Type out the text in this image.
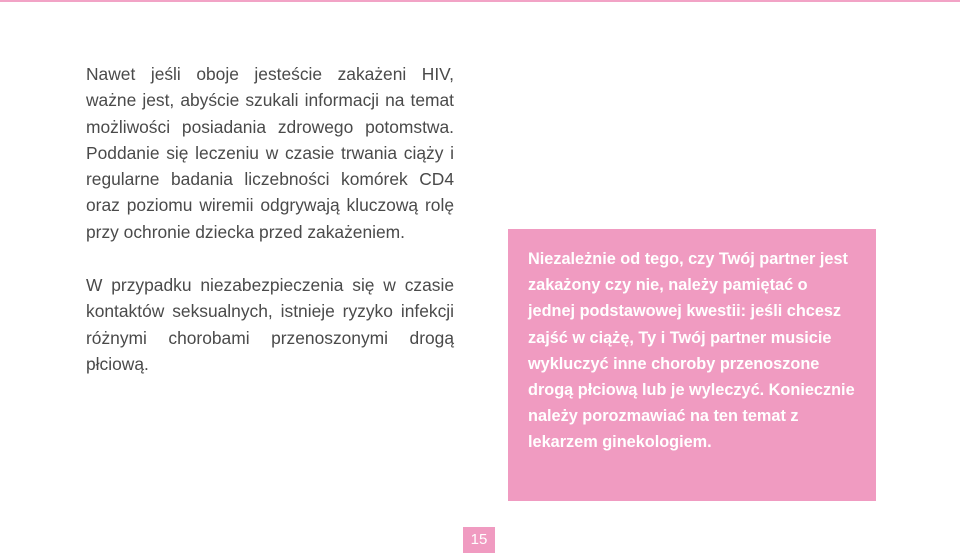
Nawet jeśli oboje jesteście zakażeni HIV, ważne jest, abyście szukali informacji na temat możliwości posiadania zdrowego potomstwa. Poddanie się leczeniu w czasie trwania ciąży i regularne badania liczebności komórek CD4 oraz poziomu wiremii odgrywają kluczową rolę przy ochronie dziecka przed zakażeniem.

W przypadku niezabezpieczenia się w czasie kontaktów seksualnych, istnieje ryzyko infekcji różnymi chorobami przenoszonymi drogą płciową.

Niezależnie od tego, czy Twój partner jest zakażony czy nie, należy pamiętać o jednej podstawowej kwestii: jeśli chcesz zajść w ciążę, Ty i Twój partner musicie wykluczyć inne choroby przenoszone drogą płciową lub je wyleczyć. Koniecznie należy porozmawiać na ten temat z lekarzem ginekologiem.

15
